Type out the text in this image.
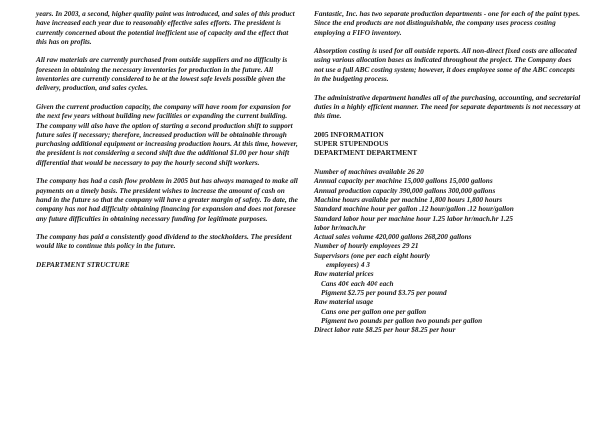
years. In 2003, a second, higher quality paint was introduced, and sales of this product have increased each year due to reasonably effective sales efforts. The president is currently concerned about the potential inefficient use of capacity and the effect that this has on profits.

All raw materials are currently purchased from outside suppliers and no difficulty is foreseen in obtaining the necessary inventories for production in the future. All inventories are currently considered to be at the lowest safe levels possible given the delivery, production, and sales cycles.

Given the current production capacity, the company will have room for expansion for the next few years without building new facilities or expanding the current building. The company will also have the option of starting a second production shift to support future sales if necessary; therefore, increased production will be obtainable through purchasing additional equipment or increasing production hours. At this time, however, the president is not considering a second shift due the additional $1.00 per hour shift differential that would be necessary to pay the hourly second shift workers.

The company has had a cash flow problem in 2005 but has always managed to make all payments on a timely basis. The president wishes to increase the amount of cash on hand in the future so that the company will have a greater margin of safety. To date, the company has not had difficulty obtaining financing for expansion and does not foresee any future difficulties in obtaining necessary funding for legitimate purposes.

The company has paid a consistently good dividend to the stockholders. The president would like to continue this policy in the future.

DEPARTMENT STRUCTURE

Fantastic, Inc. has two separate production departments - one for each of the paint types. Since the end products are not distinguishable, the company uses process costing employing a FIFO inventory.

Absorption costing is used for all outside reports. All non-direct fixed costs are allocated using various allocation bases as indicated throughout the project. The Company does not use a full ABC costing system; however, it does employee some of the ABC concepts in the budgeting process.

The administrative department handles all of the purchasing, accounting, and secretarial duties in a highly efficient manner. The need for separate departments is not necessary at this time.

2005 INFORMATION
SUPER STUPENDOUS
DEPARTMENT DEPARTMENT
Number of machines available 26 20
Annual capacity per machine 15,000 gallons 15,000 gallons
Annual production capacity 390,000 gallons 300,000 gallons
Machine hours available per machine 1,800 hours 1,800 hours
Standard machine hour per gallon .12 hour/gallon .12 hour/gallon
Standard labor hour per machine hour 1.25 labor hr/mach.hr 1.25
labor hr/mach.hr
Actual sales volume 420,000 gallons 268,200 gallons
Number of hourly employees 29 21
Supervisors (one per each eight hourly
employees) 4 3
Raw material prices
Cans 40¢ each 40¢ each
Pigment $2.75 per pound $3.75 per pound
Raw material usage
Cans one per gallon one per gallon
Pigment two pounds per gallon two pounds per gallon
Direct labor rate $8.25 per hour $8.25 per hour
